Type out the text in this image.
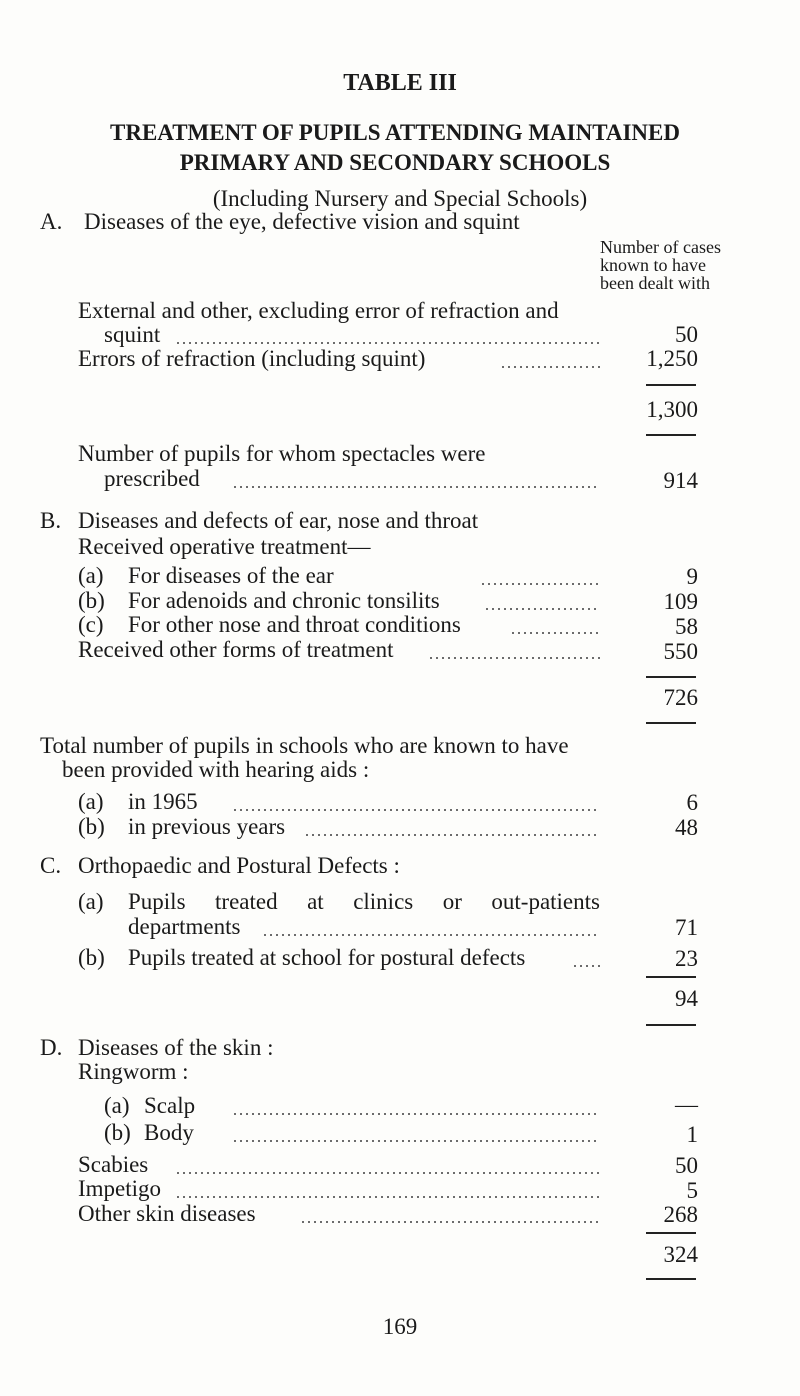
TABLE III
TREATMENT OF PUPILS ATTENDING MAINTAINED
PRIMARY AND SECONDARY SCHOOLS
(Including Nursery and Special Schools)
A. Diseases of the eye, defective vision and squint
Number of cases
known to have
been dealt with
External and other, excluding error of refraction and
squint	50
Errors of refraction (including squint)	1,250
1,300
Number of pupils for whom spectacles were
prescribed	914
B. Diseases and defects of ear, nose and throat
Received operative treatment—
(a) For diseases of the ear	9
(b) For adenoids and chronic tonsilits	109
(c) For other nose and throat conditions	58
Received other forms of treatment	550
726
Total number of pupils in schools who are known to have
been provided with hearing aids :
(a) in 1965	6
(b) in previous years	48
C. Orthopaedic and Postural Defects :
(a) Pupils treated at clinics or out-patients
departments	71
(b) Pupils treated at school for postural defects	23
94
D. Diseases of the skin :
Ringworm :
(a) Scalp	—
(b) Body	1
Scabies	50
Impetigo	5
Other skin diseases	268
324
169
